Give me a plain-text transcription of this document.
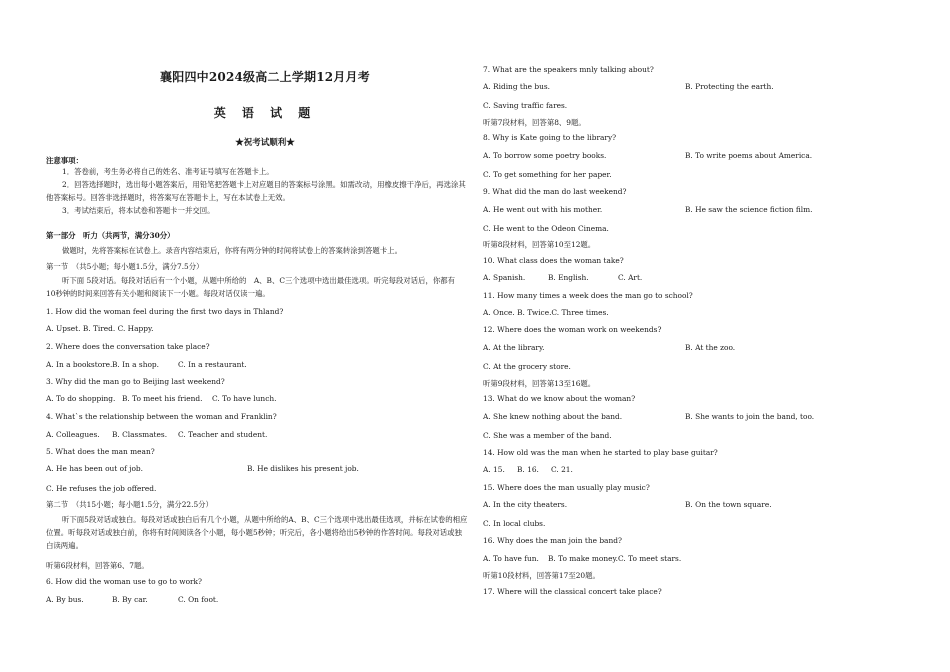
襄阳四中2024级高二上学期12月月考
英 语 试 题
★祝考试顺利★
注意事项：
1．答卷前，考生务必将自己的姓名、准考证号填写在答题卡上。
2．回答选择题时，选出每小题答案后，用铅笔把答题卡上对应题目的答案标号涂黑。如需改动，用橡皮擦干净后，再选涂其他答案标号。回答非选择题时，将答案写在答题卡上，写在本试卷上无效。
3．考试结束后，将本试卷和答题卡一并交回。
第一部分　听力（共两节，满分30分）
做题时，先将答案标在试卷上。录音内容结束后，你将有两分钟的时间将试卷上的答案转涂到答题卡上。
第一节　（共5小题；每小题1.5分，满分7.5分）
听下面 5段对话。每段对话后有一个小题，从题中所给的　A、B、C三个选项中选出最佳选项。听完每段对话后，你都有　10秒钟的时间来回答有关小题和阅读下一小题。每段对话仅读一遍。
1. How did the woman feel during the first two days in Thland?
A. Upset. B. Tired. C. Happy.
2. Where does the conversation take place?
A. In a bookstore. B. In a shop.	C. In a restaurant.
3. Why did the man go to Beijing last weekend?
A. To do shopping. B. To meet his friend. C. To have lunch.
4. What`s the relationship between the woman and Franklin?
A. Colleagues. B. Classmates. C. Teacher and student.
5. What does the man mean?
A. He has been out of job.	B. He dislikes his present job.
C. He refuses the job offered.
第二节　（共15小题；每小题1.5分，满分22.5分）
听下面5段对话或独白。每段对话或独白后有几个小题，从题中所给的A、B、C三个选项中选出最佳选项，并标在试卷的相应位置。听每段对话或独白前，你将有时间阅读各个小题，每小题5秒钟；听完后，各小题将给出5秒钟的作答时间。每段对话或独白读两遍。
听第6段材料，回答第6、7题。
6. How did the woman use to go to work?
A. By bus.	B. By car.	C. On foot.
7. What are the speakers mnly talking about?
A. Riding the bus.	B. Protecting the earth.
C. Saving traffic fares.
听第7段材料，回答第8、9题。
8. Why is Kate going to the library?
A. To borrow some poetry books.	B. To write poems about America.
C. To get something for her paper.
9. What did the man do last weekend?
A. He went out with his mother.	B. He saw the science fiction film.
C. He went to the Odeon Cinema.
听第8段材料，回答第10至12题。
10. What class does the woman take?
A. Spanish.	B. English.	C. Art.
11. How many times a week does the man go to school?
A. Once. B. Twice.C. Three times.
12. Where does the woman work on weekends?
A. At the library.	B. At the zoo.
C. At the grocery store.
听第9段材料，回答第13至16题。
13. What do we know about the woman?
A. She knew nothing about the band.	B. She wants to join the band, too.
C. She was a member of the band.
14. How old was the man when he started to play base guitar?
A. 15. B. 16. C. 21.
15. Where does the man usually play music?
A. In the city theaters.	B. On the town square.
C. In local clubs.
16. Why does the man join the band?
A. To have fun. B. To make money.C. To meet stars.
听第10段材料，回答第17至20题。
17. Where will the classical concert take place?
